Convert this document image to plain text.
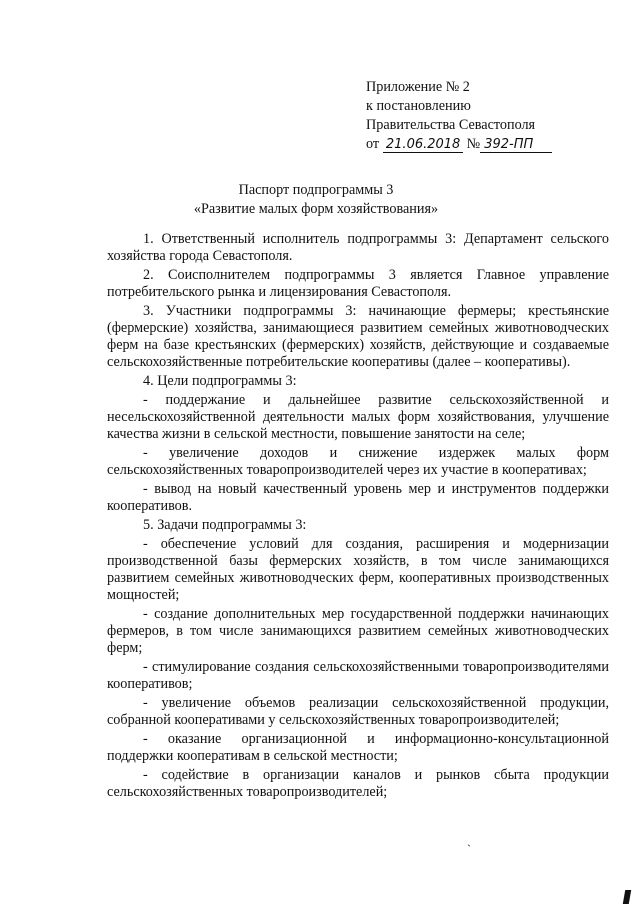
Приложение № 2
к постановлению
Правительства Севастополя
от 21.06.2018 № 392-ПП
Паспорт подпрограммы 3
«Развитие малых форм хозяйствования»

1. Ответственный исполнитель подпрограммы 3: Департамент сельского хозяйства города Севастополя.

2. Соисполнителем подпрограммы 3 является Главное управление потребительского рынка и лицензирования Севастополя.

3. Участники подпрограммы 3: начинающие фермеры; крестьянские (фермерские) хозяйства, занимающиеся развитием семейных животноводческих ферм на базе крестьянских (фермерских) хозяйств, действующие и создаваемые сельскохозяйственные потребительские кооперативы (далее – кооперативы).

4. Цели подпрограммы 3:

- поддержание и дальнейшее развитие сельскохозяйственной и несельскохозяйственной деятельности малых форм хозяйствования, улучшение качества жизни в сельской местности, повышение занятости на селе;

- увеличение доходов и снижение издержек малых форм сельскохозяйственных товаропроизводителей через их участие в кооперативах;

- вывод на новый качественный уровень мер и инструментов поддержки кооперативов.

5. Задачи подпрограммы 3:

- обеспечение условий для создания, расширения и модернизации производственной базы фермерских хозяйств, в том числе занимающихся развитием семейных животноводческих ферм, кооперативных производственных мощностей;

- создание дополнительных мер государственной поддержки начинающих фермеров, в том числе занимающихся развитием семейных животноводческих ферм;

- стимулирование создания сельскохозяйственными товаропроизводителями кооперативов;

- увеличение объемов реализации сельскохозяйственной продукции, собранной кооперативами у сельскохозяйственных товаропроизводителей;

- оказание организационной и информационно-консультационной поддержки кооперативам в сельской местности;

- содействие в организации каналов и рынков сбыта продукции сельскохозяйственных товаропроизводителей;

`
